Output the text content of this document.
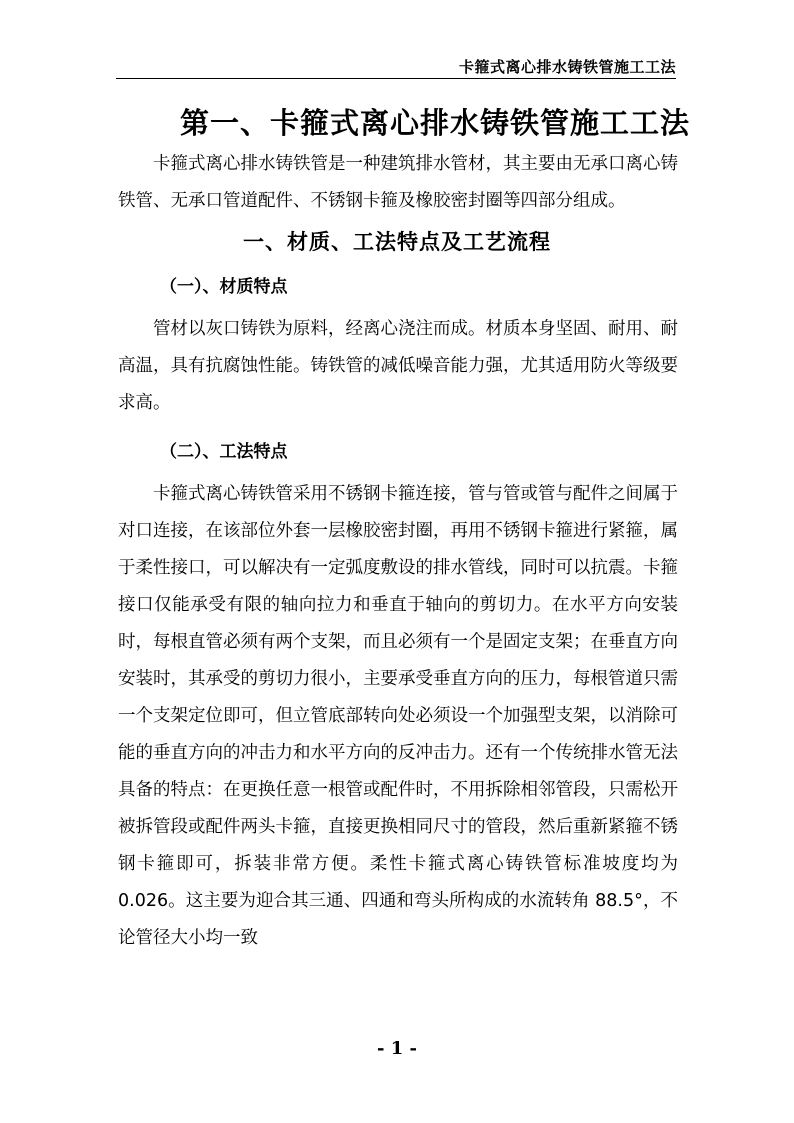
卡箍式离心排水铸铁管施工工法
第一、卡箍式离心排水铸铁管施工工法
卡箍式离心排水铸铁管是一种建筑排水管材，其主要由无承口离心铸铁管、无承口管道配件、不锈钢卡箍及橡胶密封圈等四部分组成。
一、材质、工法特点及工艺流程
（一）、材质特点
管材以灰口铸铁为原料，经离心浇注而成。材质本身坚固、耐用、耐高温，具有抗腐蚀性能。铸铁管的减低噪音能力强，尤其适用防火等级要求高。
（二）、工法特点
卡箍式离心铸铁管采用不锈钢卡箍连接，管与管或管与配件之间属于对口连接，在该部位外套一层橡胶密封圈，再用不锈钢卡箍进行紧箍，属于柔性接口，可以解决有一定弧度敷设的排水管线，同时可以抗震。卡箍接口仅能承受有限的轴向拉力和垂直于轴向的剪切力。在水平方向安装时，每根直管必须有两个支架，而且必须有一个是固定支架；在垂直方向安装时，其承受的剪切力很小，主要承受垂直方向的压力，每根管道只需一个支架定位即可，但立管底部转向处必须设一个加强型支架，以消除可能的垂直方向的冲击力和水平方向的反冲击力。还有一个传统排水管无法具备的特点：在更换任意一根管或配件时，不用拆除相邻管段，只需松开被拆管段或配件两头卡箍，直接更换相同尺寸的管段，然后重新紧箍不锈钢卡箍即可，拆装非常方便。柔性卡箍式离心铸铁管标准坡度均为0.026。这主要为迎合其三通、四通和弯头所构成的水流转角 88.5°，不论管径大小均一致
- 1 -
